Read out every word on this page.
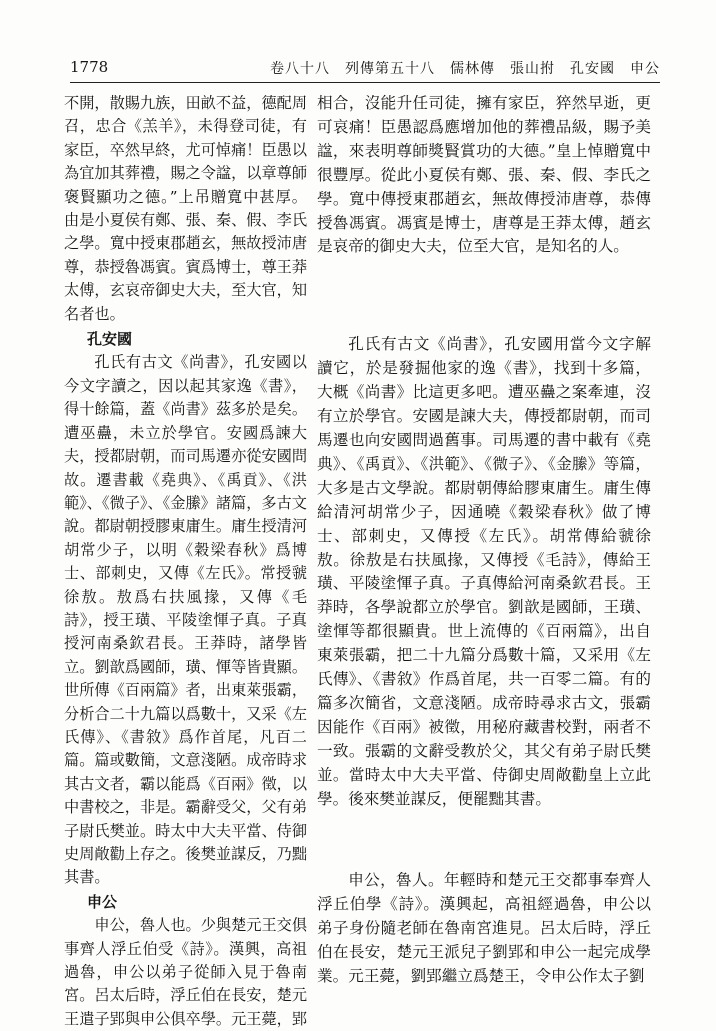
1778	卷八十八　列傳第五十八　儒林傳　張山拊　孔安國　申公

不開，散賜九族，田畝不益，德配周召，忠合《羔羊》，未得登司徒，有家臣，卒然早終，尤可悼痛！臣愚以為宜加其葬禮，賜之令諡，以章尊師褒賢顯功之德。”上吊贈寬中甚厚。由是小夏侯有鄭、張、秦、假、李氏之學。寬中授東郡趙玄，無故授沛唐尊，恭授魯馮賓。賓爲博士，尊王莽太傅，玄哀帝御史大夫，至大官，知名者也。

孔安國

孔氏有古文《尚書》，孔安國以今文字讀之，因以起其家逸《書》，得十餘篇，蓋《尚書》茲多於是矣。遭巫蠱，未立於學官。安國爲諫大夫，授都尉朝，而司馬遷亦從安國問故。遷書載《堯典》、《禹貢》、《洪範》、《微子》、《金縢》諸篇，多古文說。都尉朝授膠東庸生。庸生授清河胡常少子，以明《穀梁春秋》爲博士、部刺史，又傳《左氏》。常授虢徐敖。敖爲右扶風掾，又傳《毛詩》，授王璜、平陵塗惲子真。子真授河南桑欽君長。王莽時，諸學皆立。劉歆爲國師，璜、惲等皆貴顯。世所傳《百兩篇》者，出東萊張霸，分析合二十九篇以爲數十，又采《左氏傳》、《書敘》爲作首尾，凡百二篇。篇或數簡，文意淺陋。成帝時求其古文者，霸以能爲《百兩》徵，以中書校之，非是。霸辭受父，父有弟子尉氏樊並。時太中大夫平當、侍御史周敞勸上存之。後樊並謀反，乃黜其書。

申公

申公，魯人也。少與楚元王交俱事齊人浮丘伯受《詩》。漢興，高祖過魯，申公以弟子從師入見于魯南宮。呂太后時，浮丘伯在長安，楚元王遣子郢與申公俱卒學。元王薨，郢

相合，沒能升任司徒，擁有家臣，猝然早逝，更可哀痛！臣愚認爲應增加他的葬禮品級，賜予美諡，來表明尊師獎賢賞功的大德。”皇上悼贈寬中很豐厚。從此小夏侯有鄭、張、秦、假、李氏之學。寬中傳授東郡趙玄，無故傳授沛唐尊，恭傳授魯馮賓。馮賓是博士，唐尊是王莽太傅，趙玄是哀帝的御史大夫，位至大官，是知名的人。

孔氏有古文《尚書》，孔安國用當今文字解讀它，於是發掘他家的逸《書》，找到十多篇，大概《尚書》比這更多吧。遭巫蠱之案牽連，沒有立於學官。安國是諫大夫，傳授都尉朝，而司馬遷也向安國問過舊事。司馬遷的書中載有《堯典》、《禹貢》、《洪範》、《微子》、《金縢》等篇，大多是古文學說。都尉朝傳給膠東庸生。庸生傳給清河胡常少子，因通曉《穀梁春秋》做了博士、部刺史，又傳授《左氏》。胡常傳給虢徐敖。徐敖是右扶風掾，又傳授《毛詩》，傳給王璜、平陵塗惲子真。子真傳給河南桑欽君長。王莽時，各學說都立於學官。劉歆是國師，王璜、塗惲等都很顯貴。世上流傳的《百兩篇》，出自東萊張霸，把二十九篇分爲數十篇，又采用《左氏傳》、《書敘》作爲首尾，共一百零二篇。有的篇多次簡省，文意淺陋。成帝時尋求古文，張霸因能作《百兩》被徵，用秘府藏書校對，兩者不一致。張霸的文辭受教於父，其父有弟子尉氏樊並。當時太中大夫平當、侍御史周敞勸皇上立此學。後來樊並謀反，便罷黜其書。

申公，魯人。年輕時和楚元王交都事奉齊人浮丘伯學《詩》。漢興起，高祖經過魯，申公以弟子身份隨老師在魯南宮進見。呂太后時，浮丘伯在長安，楚元王派兒子劉郢和申公一起完成學業。元王薨，劉郢繼立爲楚王，令申公作太子劉
